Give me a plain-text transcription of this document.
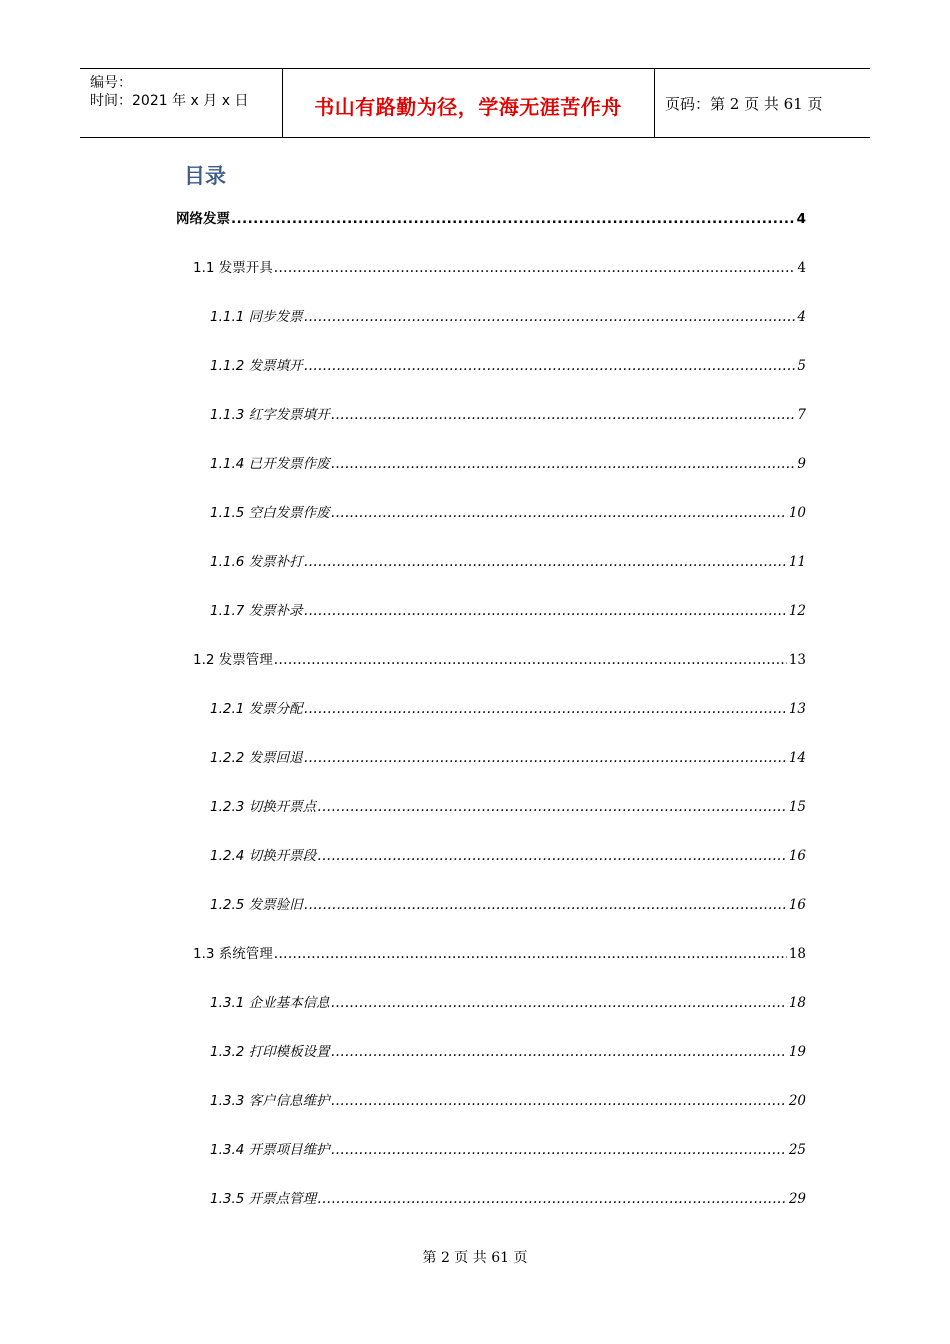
编号：
时间：2021 年 x 月 x 日	书山有路勤为径，学海无涯苦作舟	页码：第 2 页 共 61 页
目录
网络发票 .....	4
1.1 发票开具 .....	4
1.1.1 同步发票 .....	4
1.1.2 发票填开 .....	5
1.1.3 红字发票填开 .....	7
1.1.4 已开发票作废 .....	9
1.1.5 空白发票作废 .....	10
1.1.6 发票补打 .....	11
1.1.7 发票补录 .....	12
1.2 发票管理 .....	13
1.2.1 发票分配 .....	13
1.2.2 发票回退 .....	14
1.2.3 切换开票点 .....	15
1.2.4 切换开票段 .....	16
1.2.5 发票验旧 .....	16
1.3 系统管理 .....	18
1.3.1 企业基本信息 .....	18
1.3.2 打印模板设置 .....	19
1.3.3 客户信息维护 .....	20
1.3.4 开票项目维护 .....	25
1.3.5 开票点管理 .....	29
第 2 页 共 61 页
